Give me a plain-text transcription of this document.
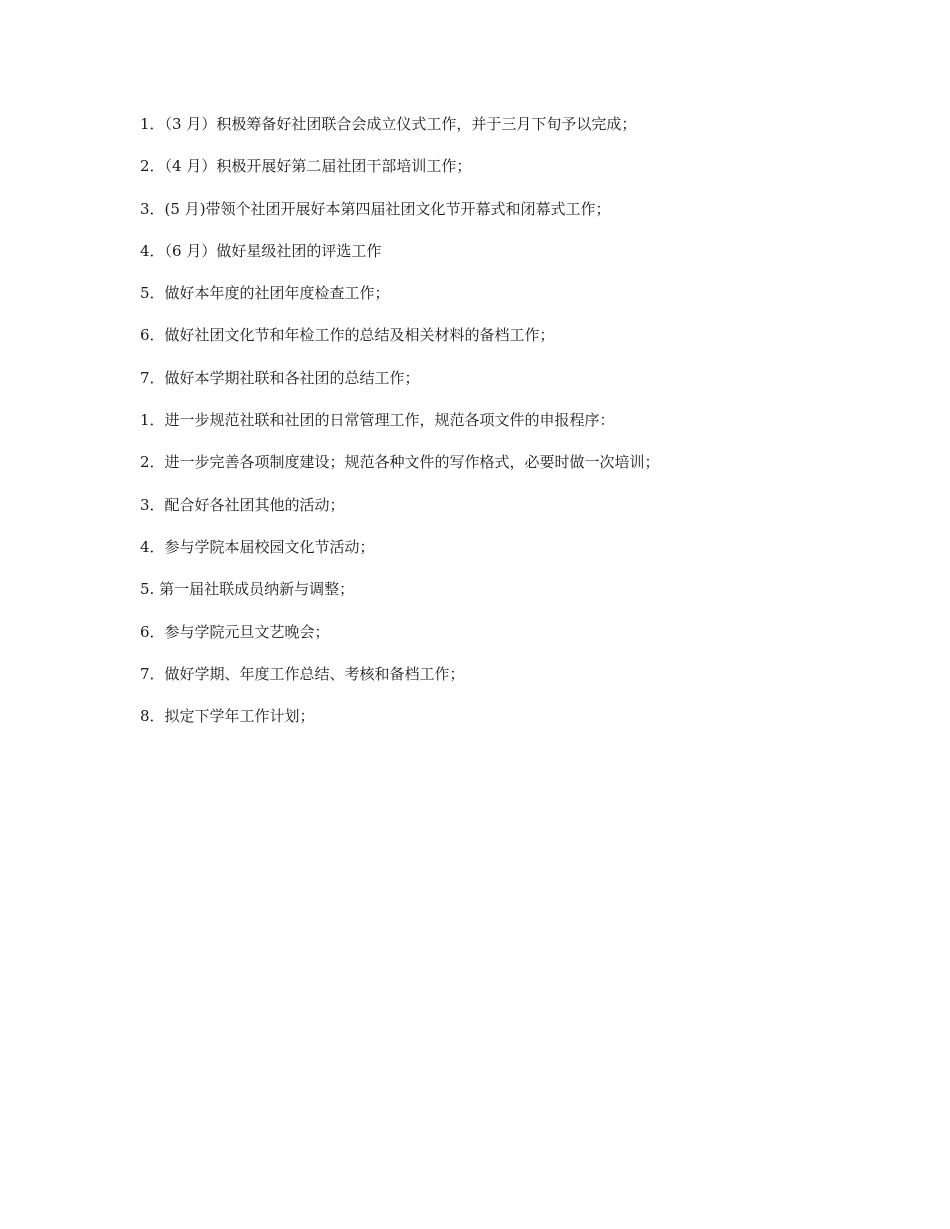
1．（3 月）积极筹备好社团联合会成立仪式工作，并于三月下旬予以完成；
2．（4 月）积极开展好第二届社团干部培训工作；
3．(5 月)带领个社团开展好本第四届社团文化节开幕式和闭幕式工作；
4．（6 月）做好星级社团的评选工作
5．做好本年度的社团年度检查工作；
6．做好社团文化节和年检工作的总结及相关材料的备档工作；
7．做好本学期社联和各社团的总结工作；
1．进一步规范社联和社团的日常管理工作，规范各项文件的申报程序：
2．进一步完善各项制度建设；规范各种文件的写作格式，必要时做一次培训；
3．配合好各社团其他的活动；
4．参与学院本届校园文化节活动；
5. 第一届社联成员纳新与调整；
6．参与学院元旦文艺晚会；
7．做好学期、年度工作总结、考核和备档工作；
8．拟定下学年工作计划；
